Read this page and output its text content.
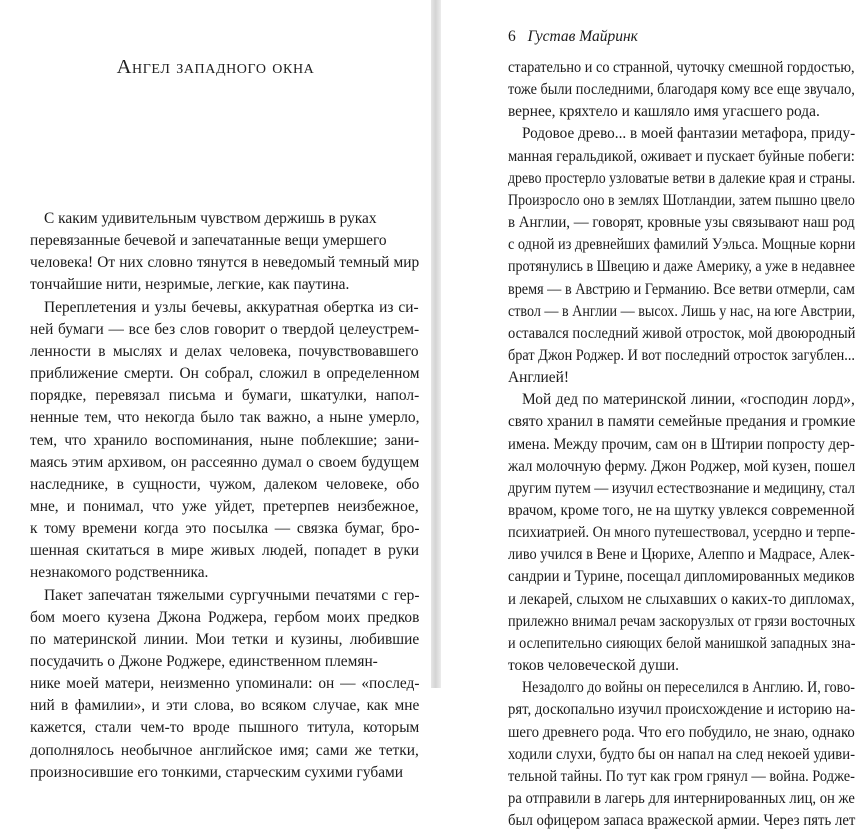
Ангел западного окна
С каким удивительным чувством держишь в руках
перевязанные бечевой и запечатанные вещи умершего
человека! От них словно тянутся в неведомый темный мир
тончайшие нити, незримые, легкие, как паутина.
Переплетения и узлы бечевы, аккуратная обертка из си-
ней бумаги — все без слов говорит о твердой целеустрем-
ленности в мыслях и делах человека, почувствовавшего
приближение смерти. Он собрал, сложил в определенном
порядке, перевязал письма и бумаги, шкатулки, напол-
ненные тем, что некогда было так важно, а ныне умерло,
тем, что хранило воспоминания, ныне поблекшие; зани-
маясь этим архивом, он рассеянно думал о своем будущем
наследнике, в сущности, чужом, далеком человеке, обо
мне, и понимал, что уже уйдет, претерпев неизбежное,
к тому времени когда это посылка — связка бумаг, бро-
шенная скитаться в мире живых людей, попадет в руки
незнакомого родственника.
Пакет запечатан тяжелыми сургучными печатями с гер-
бом моего кузена Джона Роджера, гербом моих предков
по материнской линии. Мои тетки и кузины, любившие
посудачить о Джоне Роджере, единственном племян-
нике моей матери, неизменно упоминали: он — «послед-
ний в фамилии», и эти слова, во всяком случае, как мне
кажется, стали чем-то вроде пышного титула, которым
дополнялось необычное английское имя; сами же тетки,
произносившие его тонкими, старческим сухими губами
6 Густав Майринк
старательно и со странной, чуточку смешной гордостью,
тоже были последними, благодаря кому все еще звучало,
вернее, кряхтело и кашляло имя угасшего рода.
Родовое древо... в моей фантазии метафора, приду-
манная геральдикой, оживает и пускает буйные побеги:
древо простерло узловатые ветви в далекие края и страны.
Произросло оно в землях Шотландии, затем пышно цвело
в Англии, — говорят, кровные узы связывают наш род
с одной из древнейших фамилий Уэльса. Мощные корни
протянулись в Швецию и даже Америку, а уже в недавнее
время — в Австрию и Германию. Все ветви отмерли, сам
ствол — в Англии — высох. Лишь у нас, на юге Австрии,
оставался последний живой отросток, мой двоюродный
брат Джон Роджер. И вот последний отросток загублен...
Англией!
Мой дед по материнской линии, «господин лорд»,
свято хранил в памяти семейные предания и громкие
имена. Между прочим, сам он в Штирии попросту дер-
жал молочную ферму. Джон Роджер, мой кузен, пошел
другим путем — изучил естествознание и медицину, стал
врачом, кроме того, не на шутку увлекся современной
психиатрией. Он много путешествовал, усердно и терпе-
ливо учился в Вене и Цюрихе, Алеппо и Мадрасе, Алек-
сандрии и Турине, посещал дипломированных медиков
и лекарей, слыхом не слыхавших о каких-то дипломах,
прилежно внимал речам заскорузлых от грязи восточных
и ослепительно сияющих белой манишкой западных зна-
токов человеческой души.
Незадолго до войны он переселился в Англию. И, гово-
рят, доскопально изучил происхождение и историю на-
шего древнего рода. Что его побудило, не знаю, однако
ходили слухи, будто бы он напал на след некоей удиви-
тельной тайны. По тут как гром грянул — война. Родже-
ра отправили в лагерь для интернированных лиц, он же
был офицером запаса вражеской армии. Через пять лет
